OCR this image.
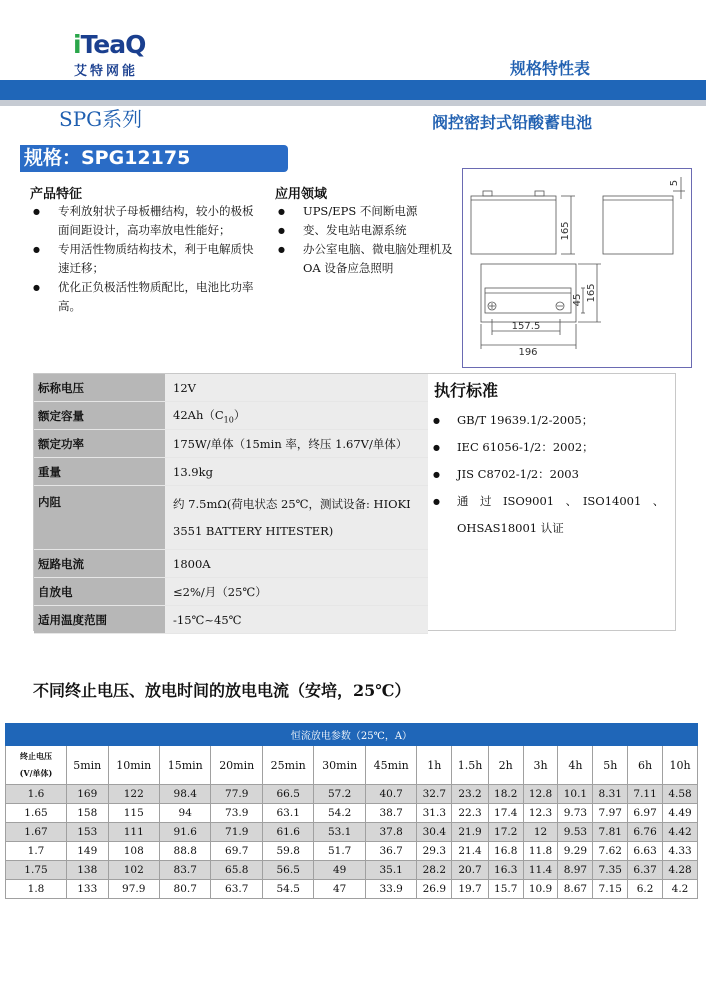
iTeaQ
艾特网能	规格特性表
SPG系列	阀控密封式铅酸蓄电池
规格：SPG12175
产品特征
● 专利放射状子母板栅结构，较小的极板面间距设计，高功率放电性能好；
● 专用活性物质结构技术，利于电解质快速迁移；
● 优化正负极活性物质配比，电池比功率高。
应用领域
● UPS/EPS 不间断电源
● 变、发电站电源系统
● 办公室电脑、微电脑处理机及 OA 设备应急照明
165
5
45 165
157.5
196
标称电压	12V
额定容量	$42Ah(C_{10})$
额定功率	175W/单体（15min 率，终压 1.67V/单体）
重量	13.9kg
内阻	约 7.5mΩ(荷电状态 25℃，测试设备: HIOKI 3551 BATTERY HITESTER)
短路电流	1800A
自放电	≤2%/月（25℃）
适用温度范围	-15℃~45℃
执行标准
● GB/T 19639.1/2-2005；
● IEC 61056-1/2：2002；
● JIS C8702-1/2：2003
● 通　过　ISO9001　、　ISO14001　、　OHSAS18001 认证
不同终止电压、放电时间的放电电流（安培，25℃）
恒流放电参数（25℃，A）															
终止电压
(V/单体)	5min	10min	15min	20min	25min	30min	45min	1h	1.5h	2h	3h	4h	5h	6h	10h
1.6	169	122	98.4	77.9	66.5	57.2	40.7	32.7	23.2	18.2	12.8	10.1	8.31	7.11	4.58
1.65	158	115	94	73.9	63.1	54.2	38.7	31.3	22.3	17.4	12.3	9.73	7.97	6.97	4.49
1.67	153	111	91.6	71.9	61.6	53.1	37.8	30.4	21.9	17.2	12	9.53	7.81	6.76	4.42
1.7	149	108	88.8	69.7	59.8	51.7	36.7	29.3	21.4	16.8	11.8	9.29	7.62	6.63	4.33
1.75	138	102	83.7	65.8	56.5	49	35.1	28.2	20.7	16.3	11.4	8.97	7.35	6.37	4.28
1.8	133	97.9	80.7	63.7	54.5	47	33.9	26.9	19.7	15.7	10.9	8.67	7.15	6.2	4.2
